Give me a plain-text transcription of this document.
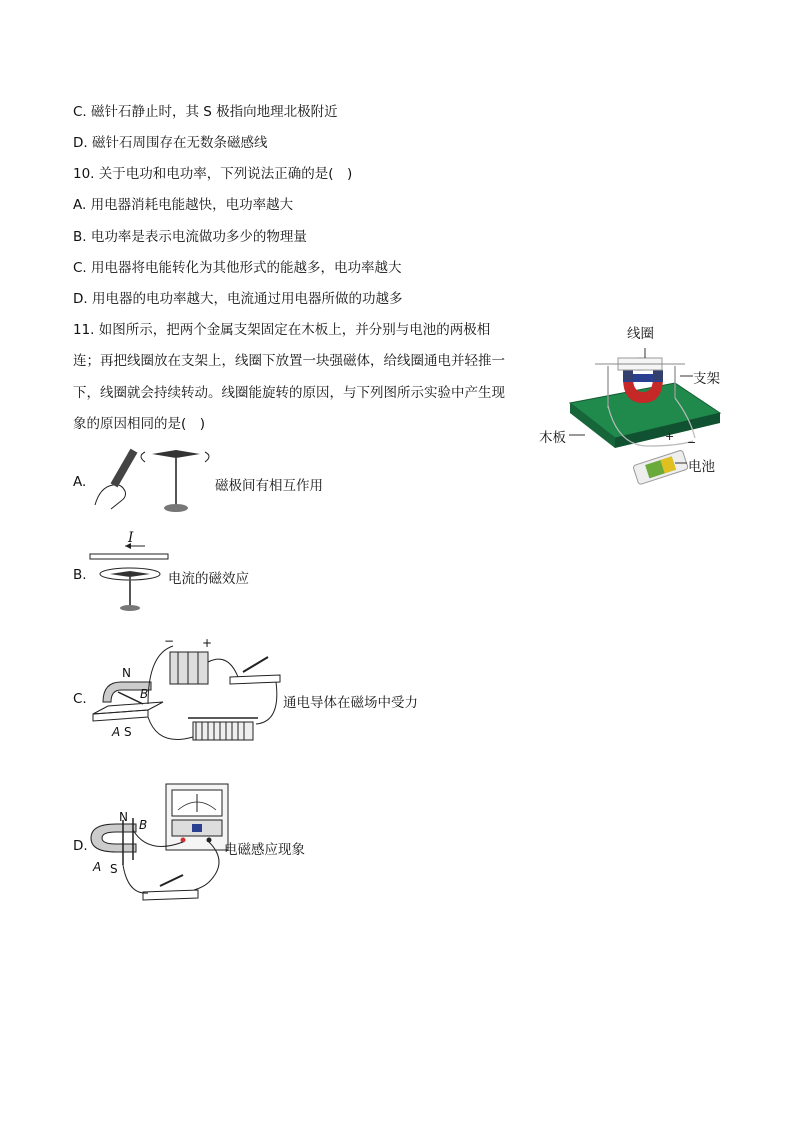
C. 磁针石静止时，其 S 极指向地理北极附近
D. 磁针石周围存在无数条磁感线
10. 关于电功和电功率，下列说法正确的是(　)
A. 用电器消耗电能越快，电功率越大
B. 电功率是表示电流做功多少的物理量
C. 用电器将电能转化为其他形式的能越多，电功率越大
D. 用电器的电功率越大，电流通过用电器所做的功越多
11. 如图所示，把两个金属支架固定在木板上，并分别与电池的两极相
连；再把线圈放在支架上，线圈下放置一块强磁体，给线圈通电并轻推一
下，线圈就会持续转动。线圈能旋转的原因，与下列图所示实验中产生现
象的原因相同的是(　)
线圈
支架
木板
电池
+ −
A.	磁极间有相互作用
B.
I
电流的磁效应
C.
N
S
A
B
− +
通电导体在磁场中受力
D.
N
S
A
B
电磁感应现象
